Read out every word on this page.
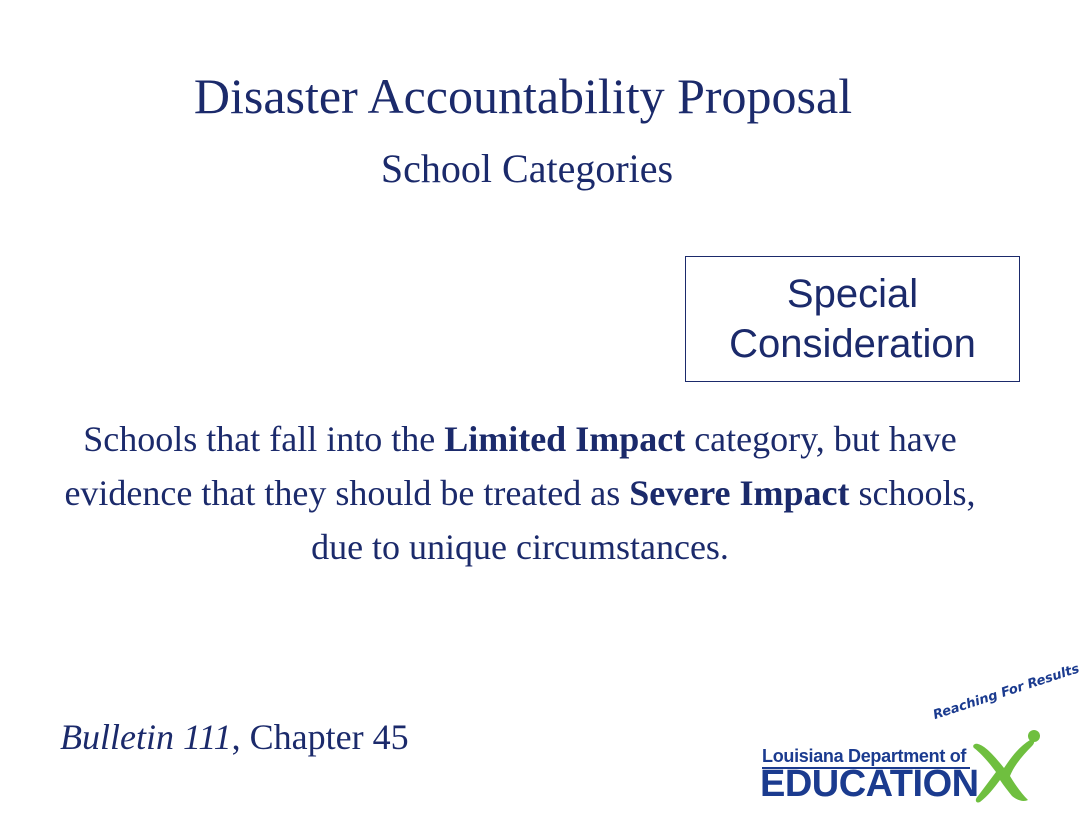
Disaster Accountability Proposal
School Categories
Special
Consideration
Schools that fall into the Limited Impact category, but have evidence that they should be treated as Severe Impact schools, due to unique circumstances.
Bulletin 111, Chapter 45
Reaching For Results
Louisiana Department of
EDUCATION
